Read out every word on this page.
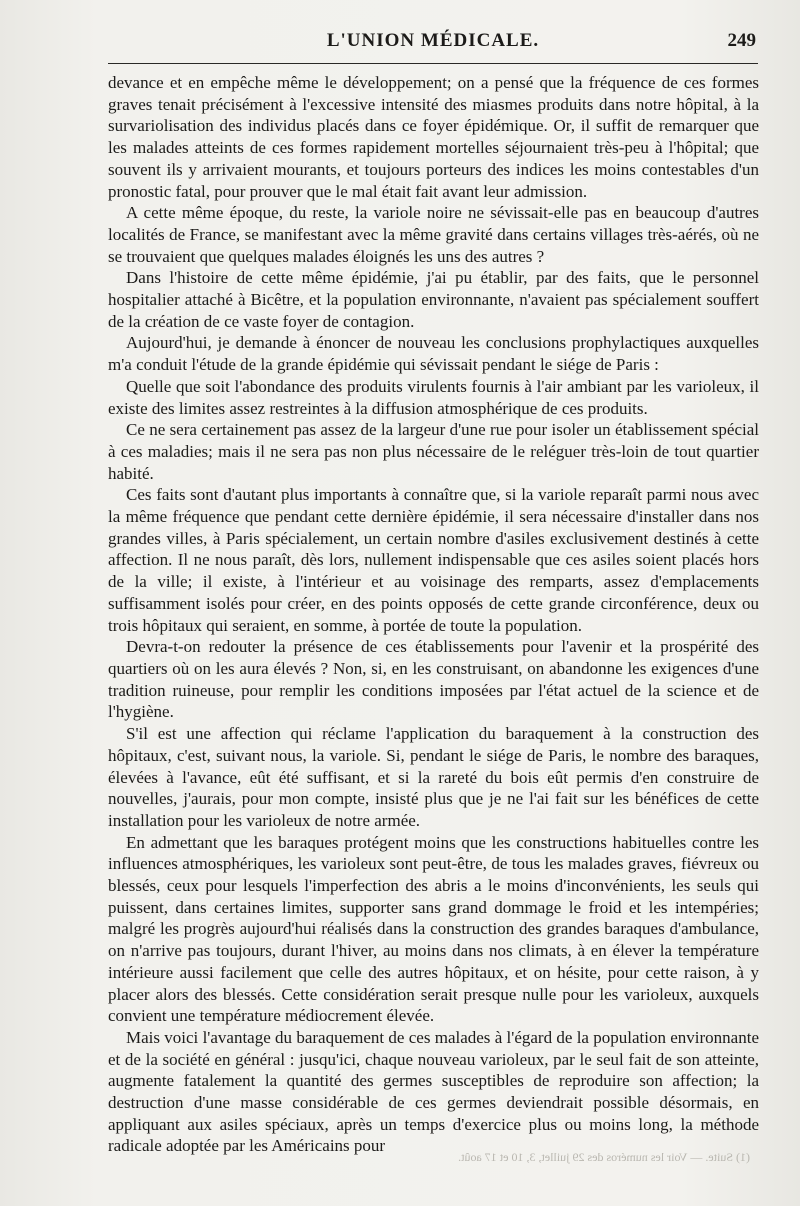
L'UNION MÉDICALE.	249

devance et en empêche même le développement; on a pensé que la fréquence de ces formes graves tenait précisément à l'excessive intensité des miasmes produits dans notre hôpital, à la survariolisation des individus placés dans ce foyer épidémique. Or, il suffit de remarquer que les malades atteints de ces formes rapidement mortelles séjournaient très-peu à l'hôpital; que souvent ils y arrivaient mourants, et toujours porteurs des indices les moins contestables d'un pronostic fatal, pour prouver que le mal était fait avant leur admission.

A cette même époque, du reste, la variole noire ne sévissait-elle pas en beaucoup d'autres localités de France, se manifestant avec la même gravité dans certains villages très-aérés, où ne se trouvaient que quelques malades éloignés les uns des autres ?

Dans l'histoire de cette même épidémie, j'ai pu établir, par des faits, que le personnel hospitalier attaché à Bicêtre, et la population environnante, n'avaient pas spécialement souffert de la création de ce vaste foyer de contagion.

Aujourd'hui, je demande à énoncer de nouveau les conclusions prophylactiques auxquelles m'a conduit l'étude de la grande épidémie qui sévissait pendant le siége de Paris :

Quelle que soit l'abondance des produits virulents fournis à l'air ambiant par les varioleux, il existe des limites assez restreintes à la diffusion atmosphérique de ces produits.

Ce ne sera certainement pas assez de la largeur d'une rue pour isoler un établissement spécial à ces maladies; mais il ne sera pas non plus nécessaire de le reléguer très-loin de tout quartier habité.

Ces faits sont d'autant plus importants à connaître que, si la variole reparaît parmi nous avec la même fréquence que pendant cette dernière épidémie, il sera nécessaire d'installer dans nos grandes villes, à Paris spécialement, un certain nombre d'asiles exclusivement destinés à cette affection. Il ne nous paraît, dès lors, nullement indispensable que ces asiles soient placés hors de la ville; il existe, à l'intérieur et au voisinage des remparts, assez d'emplacements suffisamment isolés pour créer, en des points opposés de cette grande circonférence, deux ou trois hôpitaux qui seraient, en somme, à portée de toute la population.

Devra-t-on redouter la présence de ces établissements pour l'avenir et la prospérité des quartiers où on les aura élevés ? Non, si, en les construisant, on abandonne les exigences d'une tradition ruineuse, pour remplir les conditions imposées par l'état actuel de la science et de l'hygiène.

S'il est une affection qui réclame l'application du baraquement à la construction des hôpitaux, c'est, suivant nous, la variole. Si, pendant le siége de Paris, le nombre des baraques, élevées à l'avance, eût été suffisant, et si la rareté du bois eût permis d'en construire de nouvelles, j'aurais, pour mon compte, insisté plus que je ne l'ai fait sur les bénéfices de cette installation pour les varioleux de notre armée.

En admettant que les baraques protégent moins que les constructions habituelles contre les influences atmosphériques, les varioleux sont peut-être, de tous les malades graves, fiévreux ou blessés, ceux pour lesquels l'imperfection des abris a le moins d'inconvénients, les seuls qui puissent, dans certaines limites, supporter sans grand dommage le froid et les intempéries; malgré les progrès aujourd'hui réalisés dans la construction des grandes baraques d'ambulance, on n'arrive pas toujours, durant l'hiver, au moins dans nos climats, à en élever la température intérieure aussi facilement que celle des autres hôpitaux, et on hésite, pour cette raison, à y placer alors des blessés. Cette considération serait presque nulle pour les varioleux, auxquels convient une température médiocrement élevée.

Mais voici l'avantage du baraquement de ces malades à l'égard de la population environnante et de la société en général : jusqu'ici, chaque nouveau varioleux, par le seul fait de son atteinte, augmente fatalement la quantité des germes susceptibles de reproduire son affection; la destruction d'une masse considérable de ces germes deviendrait possible désormais, en appliquant aux asiles spéciaux, après un temps d'exercice plus ou moins long, la méthode radicale adoptée par les Américains pour

(1) Suite. — Voir les numéros des 29 juillet, 3, 10 et 17 août.
